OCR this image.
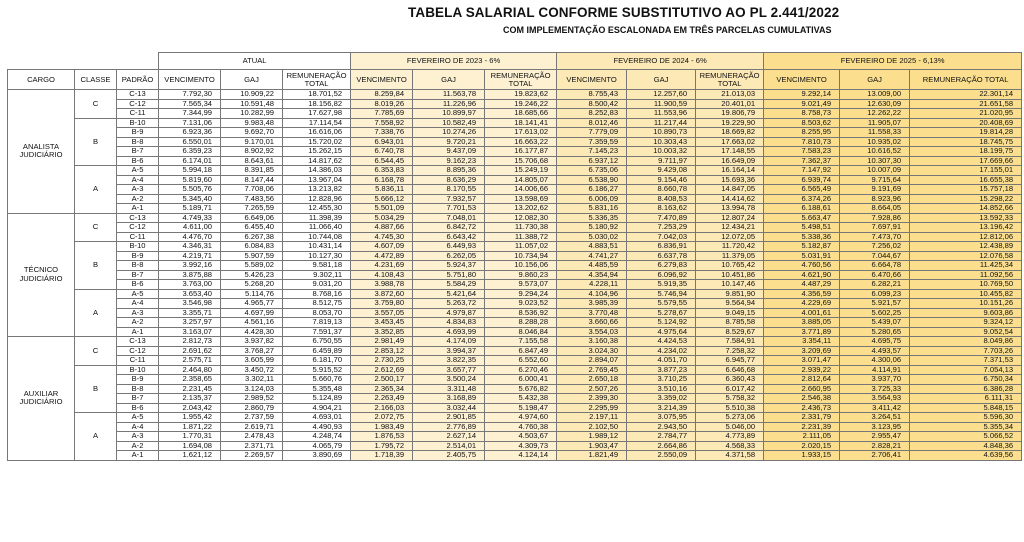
TABELA SALARIAL CONFORME SUBSTITUTIVO AO PL 2.441/2022
COM IMPLEMENTAÇÃO ESCALONADA EM TRÊS PARCELAS CUMULATIVAS
			ATUAL			FEVEREIRO DE 2023 - 6%			FEVEREIRO DE 2024 - 6%			FEVEREIRO DE 2025 - 6,13%		
CARGO	CLASSE	PADRÃO	VENCIMENTO	GAJ	REMUNERAÇÃO TOTAL	VENCIMENTO	GAJ	REMUNERAÇÃO TOTAL	VENCIMENTO	GAJ	REMUNERAÇÃO TOTAL	VENCIMENTO	GAJ	REMUNERAÇÃO TOTAL
ANALISTA JUDICIÁRIO	C	C-13	7.792,30	10.909,22	18.701,52	8.259,84	11.563,78	19.823,62	8.755,43	12.257,60	21.013,03	9.292,14	13.009,00	22.301,14
		C-12	7.565,34	10.591,48	18.156,82	8.019,26	11.226,96	19.246,22	8.500,42	11.900,59	20.401,01	9.021,49	12.630,09	21.651,58
		C-11	7.344,99	10.282,99	17.627,98	7.785,69	10.899,97	18.685,66	8.252,83	11.553,96	19.806,79	8.758,73	12.262,22	21.020,95
	B	B-10	7.131,06	9.983,48	17.114,54	7.558,92	10.582,49	18.141,41	8.012,46	11.217,44	19.229,90	8.503,62	11.905,07	20.408,69
		B-9	6.923,36	9.692,70	16.616,06	7.338,76	10.274,26	17.613,02	7.779,09	10.890,73	18.669,82	8.255,95	11.558,33	19.814,28
		B-8	6.550,01	9.170,01	15.720,02	6.943,01	9.720,21	16.663,22	7.359,59	10.303,43	17.663,02	7.810,73	10.935,02	18.745,75
		B-7	6.359,23	8.902,92	15.262,15	6.740,78	9.437,09	16.177,87	7.145,23	10.003,32	17.148,55	7.583,23	10.616,52	18.199,75
		B-6	6.174,01	8.643,61	14.817,62	6.544,45	9.162,23	15.706,68	6.937,12	9.711,97	16.649,09	7.362,37	10.307,30	17.669,66
	A	A-5	5.994,18	8.391,85	14.386,03	6.353,83	8.895,36	15.249,19	6.735,06	9.429,08	16.164,14	7.147,92	10.007,09	17.155,01
		A-4	5.819,60	8.147,44	13.967,04	6.168,78	8.636,29	14.805,07	6.538,90	9.154,46	15.693,36	6.939,74	9.715,64	16.655,38
		A-3	5.505,76	7.708,06	13.213,82	5.836,11	8.170,55	14.006,66	6.186,27	8.660,78	14.847,05	6.565,49	9.191,69	15.757,18
		A-2	5.345,40	7.483,56	12.828,96	5.666,12	7.932,57	13.598,69	6.006,09	8.408,53	14.414,62	6.374,26	8.923,96	15.298,22
		A-1	5.189,71	7.265,59	12.455,30	5.501,09	7.701,53	13.202,62	5.831,16	8.163,62	13.994,78	6.188,61	8.664,05	14.852,66
TÉCNICO JUDICIÁRIO	C	C-13	4.749,33	6.649,06	11.398,39	5.034,29	7.048,01	12.082,30	5.336,35	7.470,89	12.807,24	5.663,47	7.928,86	13.592,33
		C-12	4.611,00	6.455,40	11.066,40	4.887,66	6.842,72	11.730,38	5.180,92	7.253,29	12.434,21	5.498,51	7.697,91	13.196,42
		C-11	4.476,70	6.267,38	10.744,08	4.745,30	6.643,42	11.388,72	5.030,02	7.042,03	12.072,05	5.338,36	7.473,70	12.812,06
	B	B-10	4.346,31	6.084,83	10.431,14	4.607,09	6.449,93	11.057,02	4.883,51	6.836,91	11.720,42	5.182,87	7.256,02	12.438,89
		B-9	4.219,71	5.907,59	10.127,30	4.472,89	6.262,05	10.734,94	4.741,27	6.637,78	11.379,05	5.031,91	7.044,67	12.076,58
		B-8	3.992,16	5.589,02	9.581,18	4.231,69	5.924,37	10.156,06	4.485,59	6.279,83	10.765,42	4.760,56	6.664,78	11.425,34
		B-7	3.875,88	5.426,23	9.302,11	4.108,43	5.751,80	9.860,23	4.354,94	6.096,92	10.451,86	4.621,90	6.470,66	11.092,56
		B-6	3.763,00	5.268,20	9.031,20	3.988,78	5.584,29	9.573,07	4.228,11	5.919,35	10.147,46	4.487,29	6.282,21	10.769,50
	A	A-5	3.653,40	5.114,76	8.768,16	3.872,60	5.421,64	9.294,24	4.104,96	5.746,94	9.851,90	4.356,59	6.099,23	10.455,82
		A-4	3.546,98	4.965,77	8.512,75	3.759,80	5.263,72	9.023,52	3.985,39	5.579,55	9.564,94	4.229,69	5.921,57	10.151,26
		A-3	3.355,71	4.697,99	8.053,70	3.557,05	4.979,87	8.536,92	3.770,48	5.278,67	9.049,15	4.001,61	5.602,25	9.603,86
		A-2	3.257,97	4.561,16	7.819,13	3.453,45	4.834,83	8.288,28	3.660,66	5.124,92	8.785,58	3.885,05	5.439,07	9.324,12
		A-1	3.163,07	4.428,30	7.591,37	3.352,85	4.693,99	8.046,84	3.554,03	4.975,64	8.529,67	3.771,89	5.280,65	9.052,54
AUXILIAR JUDICIÁRIO	C	C-13	2.812,73	3.937,82	6.750,55	2.981,49	4.174,09	7.155,58	3.160,38	4.424,53	7.584,91	3.354,11	4.695,75	8.049,86
		C-12	2.691,62	3.768,27	6.459,89	2.853,12	3.994,37	6.847,49	3.024,30	4.234,02	7.258,32	3.209,69	4.493,57	7.703,26
		C-11	2.575,71	3.605,99	6.181,70	2.730,25	3.822,35	6.552,60	2.894,07	4.051,70	6.945,77	3.071,47	4.300,06	7.371,53
	B	B-10	2.464,80	3.450,72	5.915,52	2.612,69	3.657,77	6.270,46	2.769,45	3.877,23	6.646,68	2.939,22	4.114,91	7.054,13
		B-9	2.358,65	3.302,11	5.660,76	2.500,17	3.500,24	6.000,41	2.650,18	3.710,25	6.360,43	2.812,64	3.937,70	6.750,34
		B-8	2.231,45	3.124,03	5.355,48	2.365,34	3.311,48	5.676,82	2.507,26	3.510,16	6.017,42	2.660,95	3.725,33	6.386,28
		B-7	2.135,37	2.989,52	5.124,89	2.263,49	3.168,89	5.432,38	2.399,30	3.359,02	5.758,32	2.546,38	3.564,93	6.111,31
		B-6	2.043,42	2.860,79	4.904,21	2.166,03	3.032,44	5.198,47	2.295,99	3.214,39	5.510,38	2.436,73	3.411,42	5.848,15
	A	A-5	1.955,42	2.737,59	4.693,01	2.072,75	2.901,85	4.974,60	2.197,11	3.075,95	5.273,06	2.331,79	3.264,51	5.596,30
		A-4	1.871,22	2.619,71	4.490,93	1.983,49	2.776,89	4.760,38	2.102,50	2.943,50	5.046,00	2.231,39	3.123,95	5.355,34
		A-3	1.770,31	2.478,43	4.248,74	1.876,53	2.627,14	4.503,67	1.989,12	2.784,77	4.773,89	2.111,05	2.955,47	5.066,52
		A-2	1.694,08	2.371,71	4.065,79	1.795,72	2.514,01	4.309,73	1.903,47	2.664,86	4.568,33	2.020,15	2.828,21	4.848,36
		A-1	1.621,12	2.269,57	3.890,69	1.718,39	2.405,75	4.124,14	1.821,49	2.550,09	4.371,58	1.933,15	2.706,41	4.639,56
